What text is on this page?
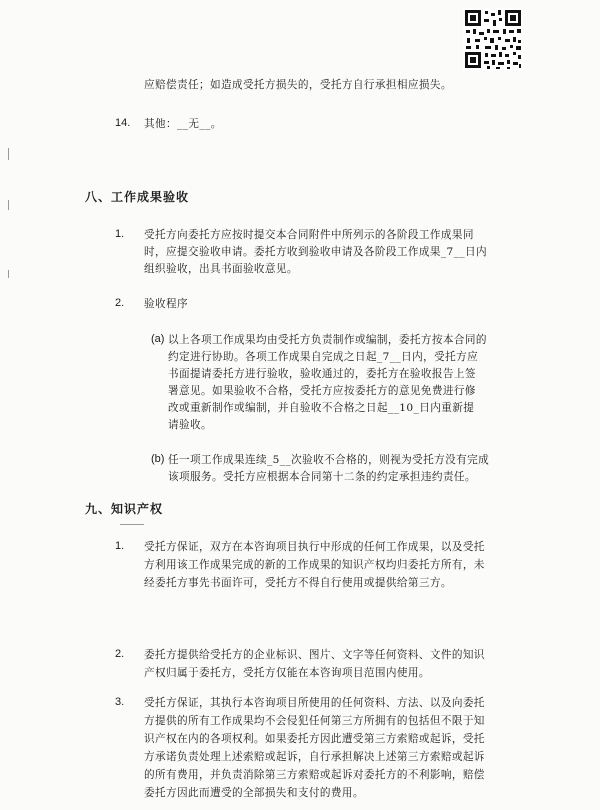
应赔偿责任；如造成受托方损失的，受托方自行承担相应损失。
14. 其他：__无__。
八、工作成果验收
1. 受托方向委托方应按时提交本合同附件中所列示的各阶段工作成果同
时，应提交验收申请。委托方收到验收申请及各阶段工作成果_7__日内
组织验收，出具书面验收意见。
2. 验收程序
(a) 以上各项工作成果均由受托方负责制作或编制，委托方按本合同的
约定进行协助。各项工作成果自完成之日起_7__日内，受托方应
书面提请委托方进行验收，验收通过的，委托方在验收报告上签
署意见。如果验收不合格，受托方应按委托方的意见免费进行修
改或重新制作或编制，并自验收不合格之日起__10_日内重新提
请验收。
(b) 任一项工作成果连续_5__次验收不合格的，则视为受托方没有完成
该项服务。受托方应根据本合同第十二条的约定承担违约责任。
九、知识产权
1. 受托方保证，双方在本咨询项目执行中形成的任何工作成果，以及受托
方利用该工作成果完成的新的工作成果的知识产权均归委托方所有，未
经委托方事先书面许可，受托方不得自行使用或提供给第三方。
2. 委托方提供给受托方的企业标识、图片、文字等任何资料、文件的知识
产权归属于委托方，受托方仅能在本咨询项目范围内使用。
3. 受托方保证，其执行本咨询项目所使用的任何资料、方法、以及向委托
方提供的所有工作成果均不会侵犯任何第三方所拥有的包括但不限于知
识产权在内的各项权利。如果委托方因此遭受第三方索赔或起诉，受托
方承诺负责处理上述索赔或起诉，自行承担解决上述第三方索赔或起诉
的所有费用，并负责消除第三方索赔或起诉对委托方的不利影响，赔偿
委托方因此而遭受的全部损失和支付的费用。
